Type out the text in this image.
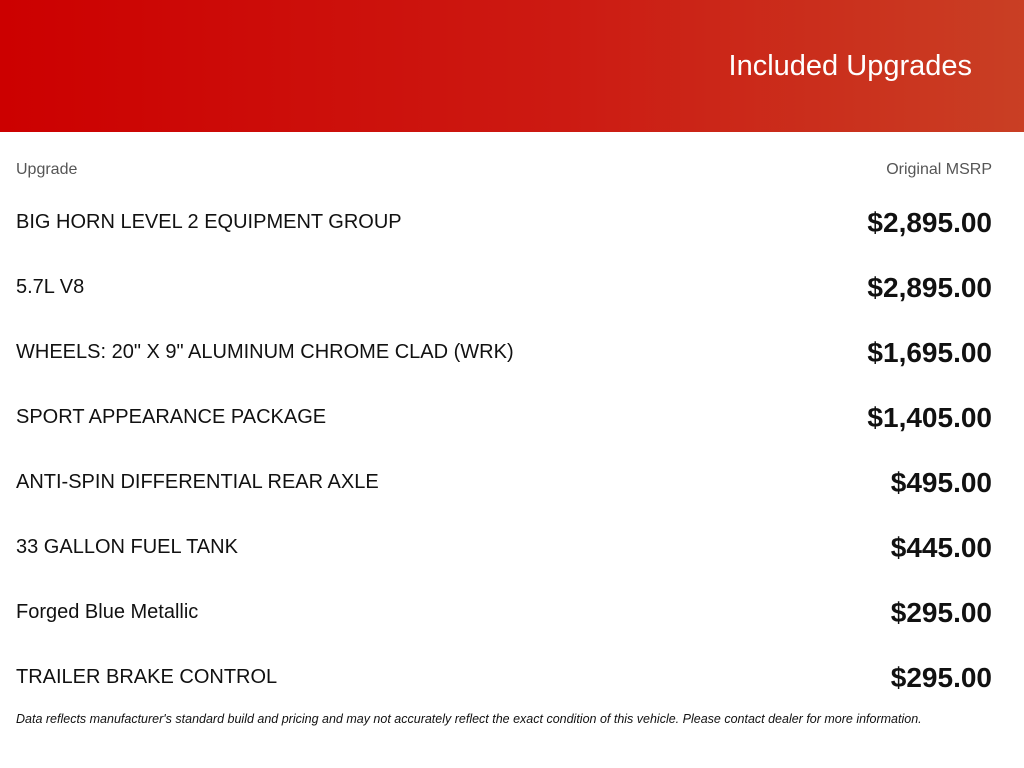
Included Upgrades
Upgrade	Original MSRP
BIG HORN LEVEL 2 EQUIPMENT GROUP	$2,895.00
5.7L V8	$2,895.00
WHEELS: 20" X 9" ALUMINUM CHROME CLAD (WRK)	$1,695.00
SPORT APPEARANCE PACKAGE	$1,405.00
ANTI-SPIN DIFFERENTIAL REAR AXLE	$495.00
33 GALLON FUEL TANK	$445.00
Forged Blue Metallic	$295.00
TRAILER BRAKE CONTROL	$295.00
Data reflects manufacturer's standard build and pricing and may not accurately reflect the exact condition of this vehicle. Please contact dealer for more information.
